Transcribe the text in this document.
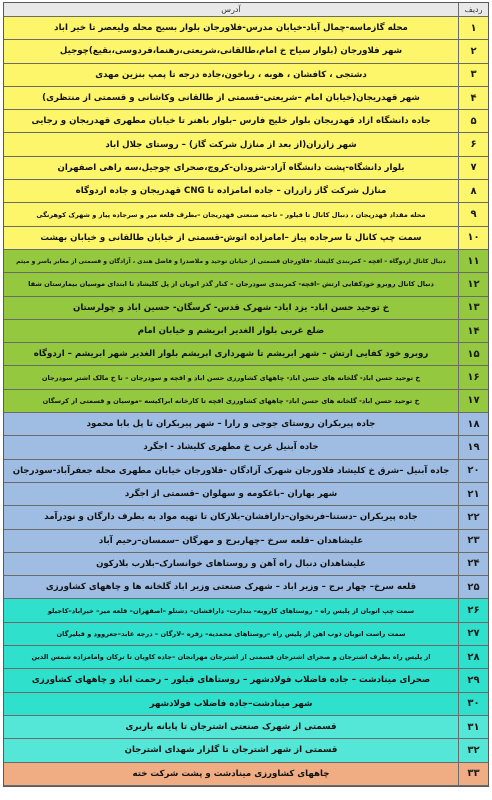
ردیف
آدرس
۱
محله گازماسه-چمال آباد-خیابان مدرس-فلاورجان بلوار بسیج محله ولیعصر تا خیر اباد
۲
شهر فلاورجان (بلوار سیاح خ امام،طالقانی،شریعتی،رهنما،فردوسی،بقیع)چوجیل
۳
دشتجی ، کافشان ، هوبه ، رباخون،جاده درجه تا پمپ بنزین مهدی
۴
شهر قهدریجان(خیابان امام –شریعتی-قسمتی از طالقانی وکاشانی و قسمتی از منتظری)
۵
جاده دانشگاه ازاد قهدریجان بلوار خلیج فارس –بلوار باهنر تا خیابان مطهری قهدریجان و رجایی
۶
شهر زازران(از بعد از منازل شرکت گاز) – روستای جلال اباد
۷
بلوار دانشگاه-پشت دانشگاه آزاد-شرودان-کروچ،صحرای چوجیل،سه راهی اصفهران
۸
منازل شرکت گاز زازران – جاده امامزاده تا CNG قهدریجان و جاده اردوگاه
۹
محله مقداد قهدریجان ، دنبال کانال تا قیلور – ناحیه صنعتی قهدریجان –بطرف قلعه میر و سرجاده پیاز و شهرک کوهرنگی
۱۰
سمت چپ کانال تا سرجاده پیاز –امامزاده اتوش-قسمتی از خیابان طالقانی و خیابان بهشت
۱۱
دنبال کانال اردوگاه – اقچه – کمربندی کلیشاد -فلاورجان قسمتی از خیابان توحید و ملاصدرا و فاضل هندی ، آزادگان و قسمتی از معابر یاسر و میثم
۱۲
دنبال کانال روبرو خودکفایی ارتش –اقچه- کمربندی سودرجان – کنار گذر اتوبان از پل کلیشاد تا ابتدای موسیان بیمارستان شفا
۱۳
خ توحید حسن اباد- یزد اباد- شهرک قدس- کرسگان- حسین اباد و چولرستان
۱۴
ضلع غربی بلوار الغدیر ابریشم و خیابان امام
۱۵
روبرو خود کفایی ارتش – شهر ابریشم تا شهرداری ابریشم بلوار الغدیر شهر ابریشم – اردوگاه
۱۶
خ توحید حسن اباد- گلخانه های حسن اباد- چاههای کشاورزی حسن اباد و اقچه و سودرجان – تا خ مالک اشتر سودرجان
۱۷
خ توحید حسن اباد- گلخانه های حسن اباد- چاههای کشاورزی اقچه تا کارخانه ابراکیسه –موسیان و قسمتی از کرسگان
۱۸
جاده پیربکران روستای جوجی و رارا – شهر پیربکران تا پل بابا محمود
۱۹
جاده آبنیل غرب خ مطهری کلیشاد - اجگرد
۲۰
جاده آبنیل –شرق خ کلیشاد فلاورجان شهرک آزادگان -فلاورجان خیابان مطهری محله جعفرآباد-سودرجان
۲۱
شهر بهاران –باغکومه و سهلوان –قسمتی از اجگرد
۲۲
جاده پیربکران –دستنا–فرنخوان–دارافشان–بلارکان تا تهیه مواد به بطرف دارگان و نودرآمد
۲۳
علیشاهدان –قلعه سرخ –چهاربرج و مهرگان –سمسان–رحیم آباد
۲۴
علیشاهدان دنبال راه آهن و روستاهای خوانسارک–بلارب بلارکون
۲۵
قلعه سرخ– چهار برج – وزیر اباد – شهرک صنعتی وزیر اباد گلخانه ها و چاههای کشاورزی
۲۶
سمت چپ اتوبان از پلیس راه – روستاهای کاروبه– بندارت– دارافشان– دشتلو –اصفهران– قلعه میر– خیراباد–کاجیلو
۲۷
سمت راست اتوبان ذوب اهن از پلیس راه –روستاهای محمدیه– زفره –لارگان – درجه عابد–جعروود و قبلیرگان
۲۸
از پلیس راه بطرف اشترجان و صحرای اشترجان قسمتی از اشترجان مهرانجان –جاده کاویان تا ترکان وامامزاده شمس الدین
۲۹
صحرای مینادشت – جاده فاضلاب فولادشهر – روستاهای قیلور – رحمت اباد و چاههای کشاورزی
۳۰
شهر مینادشت–جاده فاضلاب فولادشهر
۳۱
قسمتی از شهرک صنعتی اشترجان تا پایانه باربری
۳۲
قسمتی از شهر اشترجان تا گلزار شهدای اشترجان
۳۳
چاههای کشاورزی مینادشت و پشت شرکت خته
